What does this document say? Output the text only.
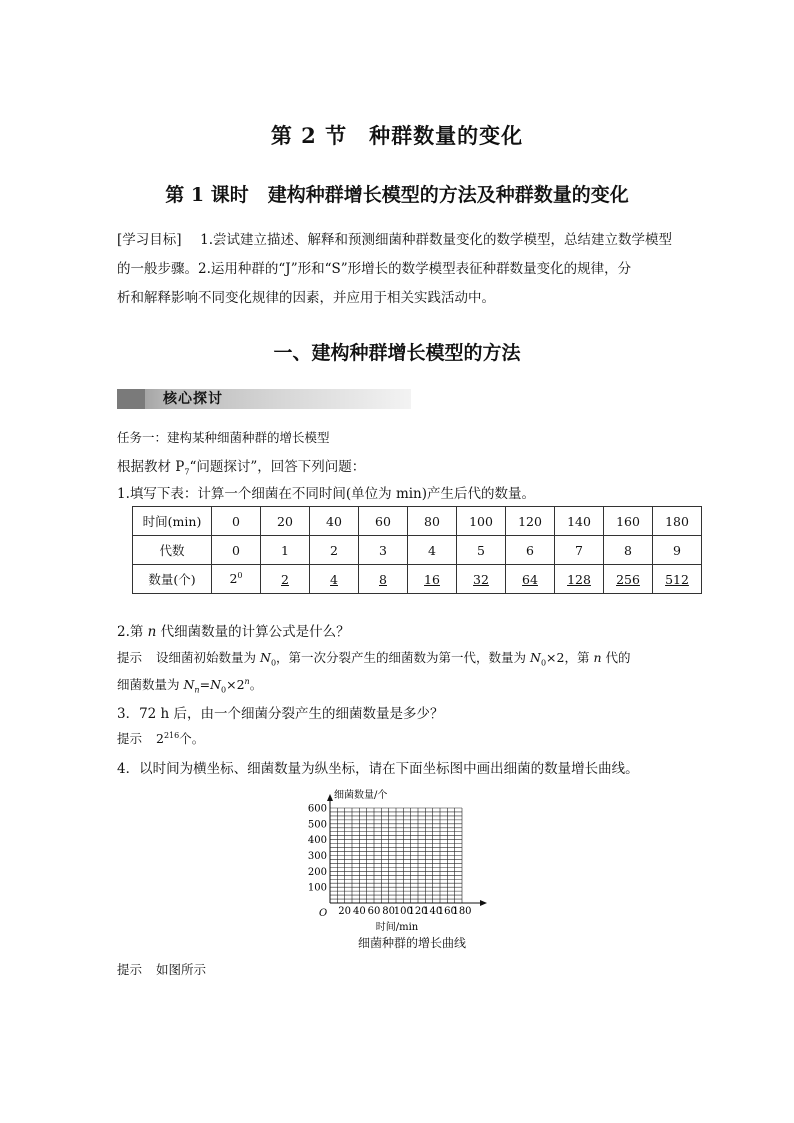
第 2 节　种群数量的变化
第 1 课时　建构种群增长模型的方法及种群数量的变化
[学习目标] 1.尝试建立描述、解释和预测细菌种群数量变化的数学模型，总结建立数学模型
的一般步骤。2.运用种群的“J”形和“S”形增长的数学模型表征种群数量变化的规律，分
析和解释影响不同变化规律的因素，并应用于相关实践活动中。
一、建构种群增长模型的方法
核心探讨
任务一：建构某种细菌种群的增长模型
根据教材 $P_7“$问题探讨”，回答下列问题：
1.填写下表：计算一个细菌在不同时间(单位为 min)产生后代的数量。
时间(min)	0	20	40	60	80	100	120	140	160	180
代数	0	1	2	3	4	5	6	7	8	9
数量(个)	$2^0$	2	4	8	16	32	64	128	256	512
2.第 n 代细菌数量的计算公式是什么？
提示 设细菌初始数量为 $N_0$，第一次分裂产生的细菌数为第一代，数量为 $N_0\times 2$，第 n 代的
细菌数量为 $N_n=N_0\times 2^n$。
3．72 h 后，由一个细菌分裂产生的细菌数量是多少？
提示 $2^{216}$个。
4．以时间为横坐标、细菌数量为纵坐标，请在下面坐标图中画出细菌的数量增长曲线。
细菌数量/个
100
200
300
400
500
600
20 40 60 80
100
120
140
160
180
O
时间/min
细菌种群的增长曲线
提示 如图所示
